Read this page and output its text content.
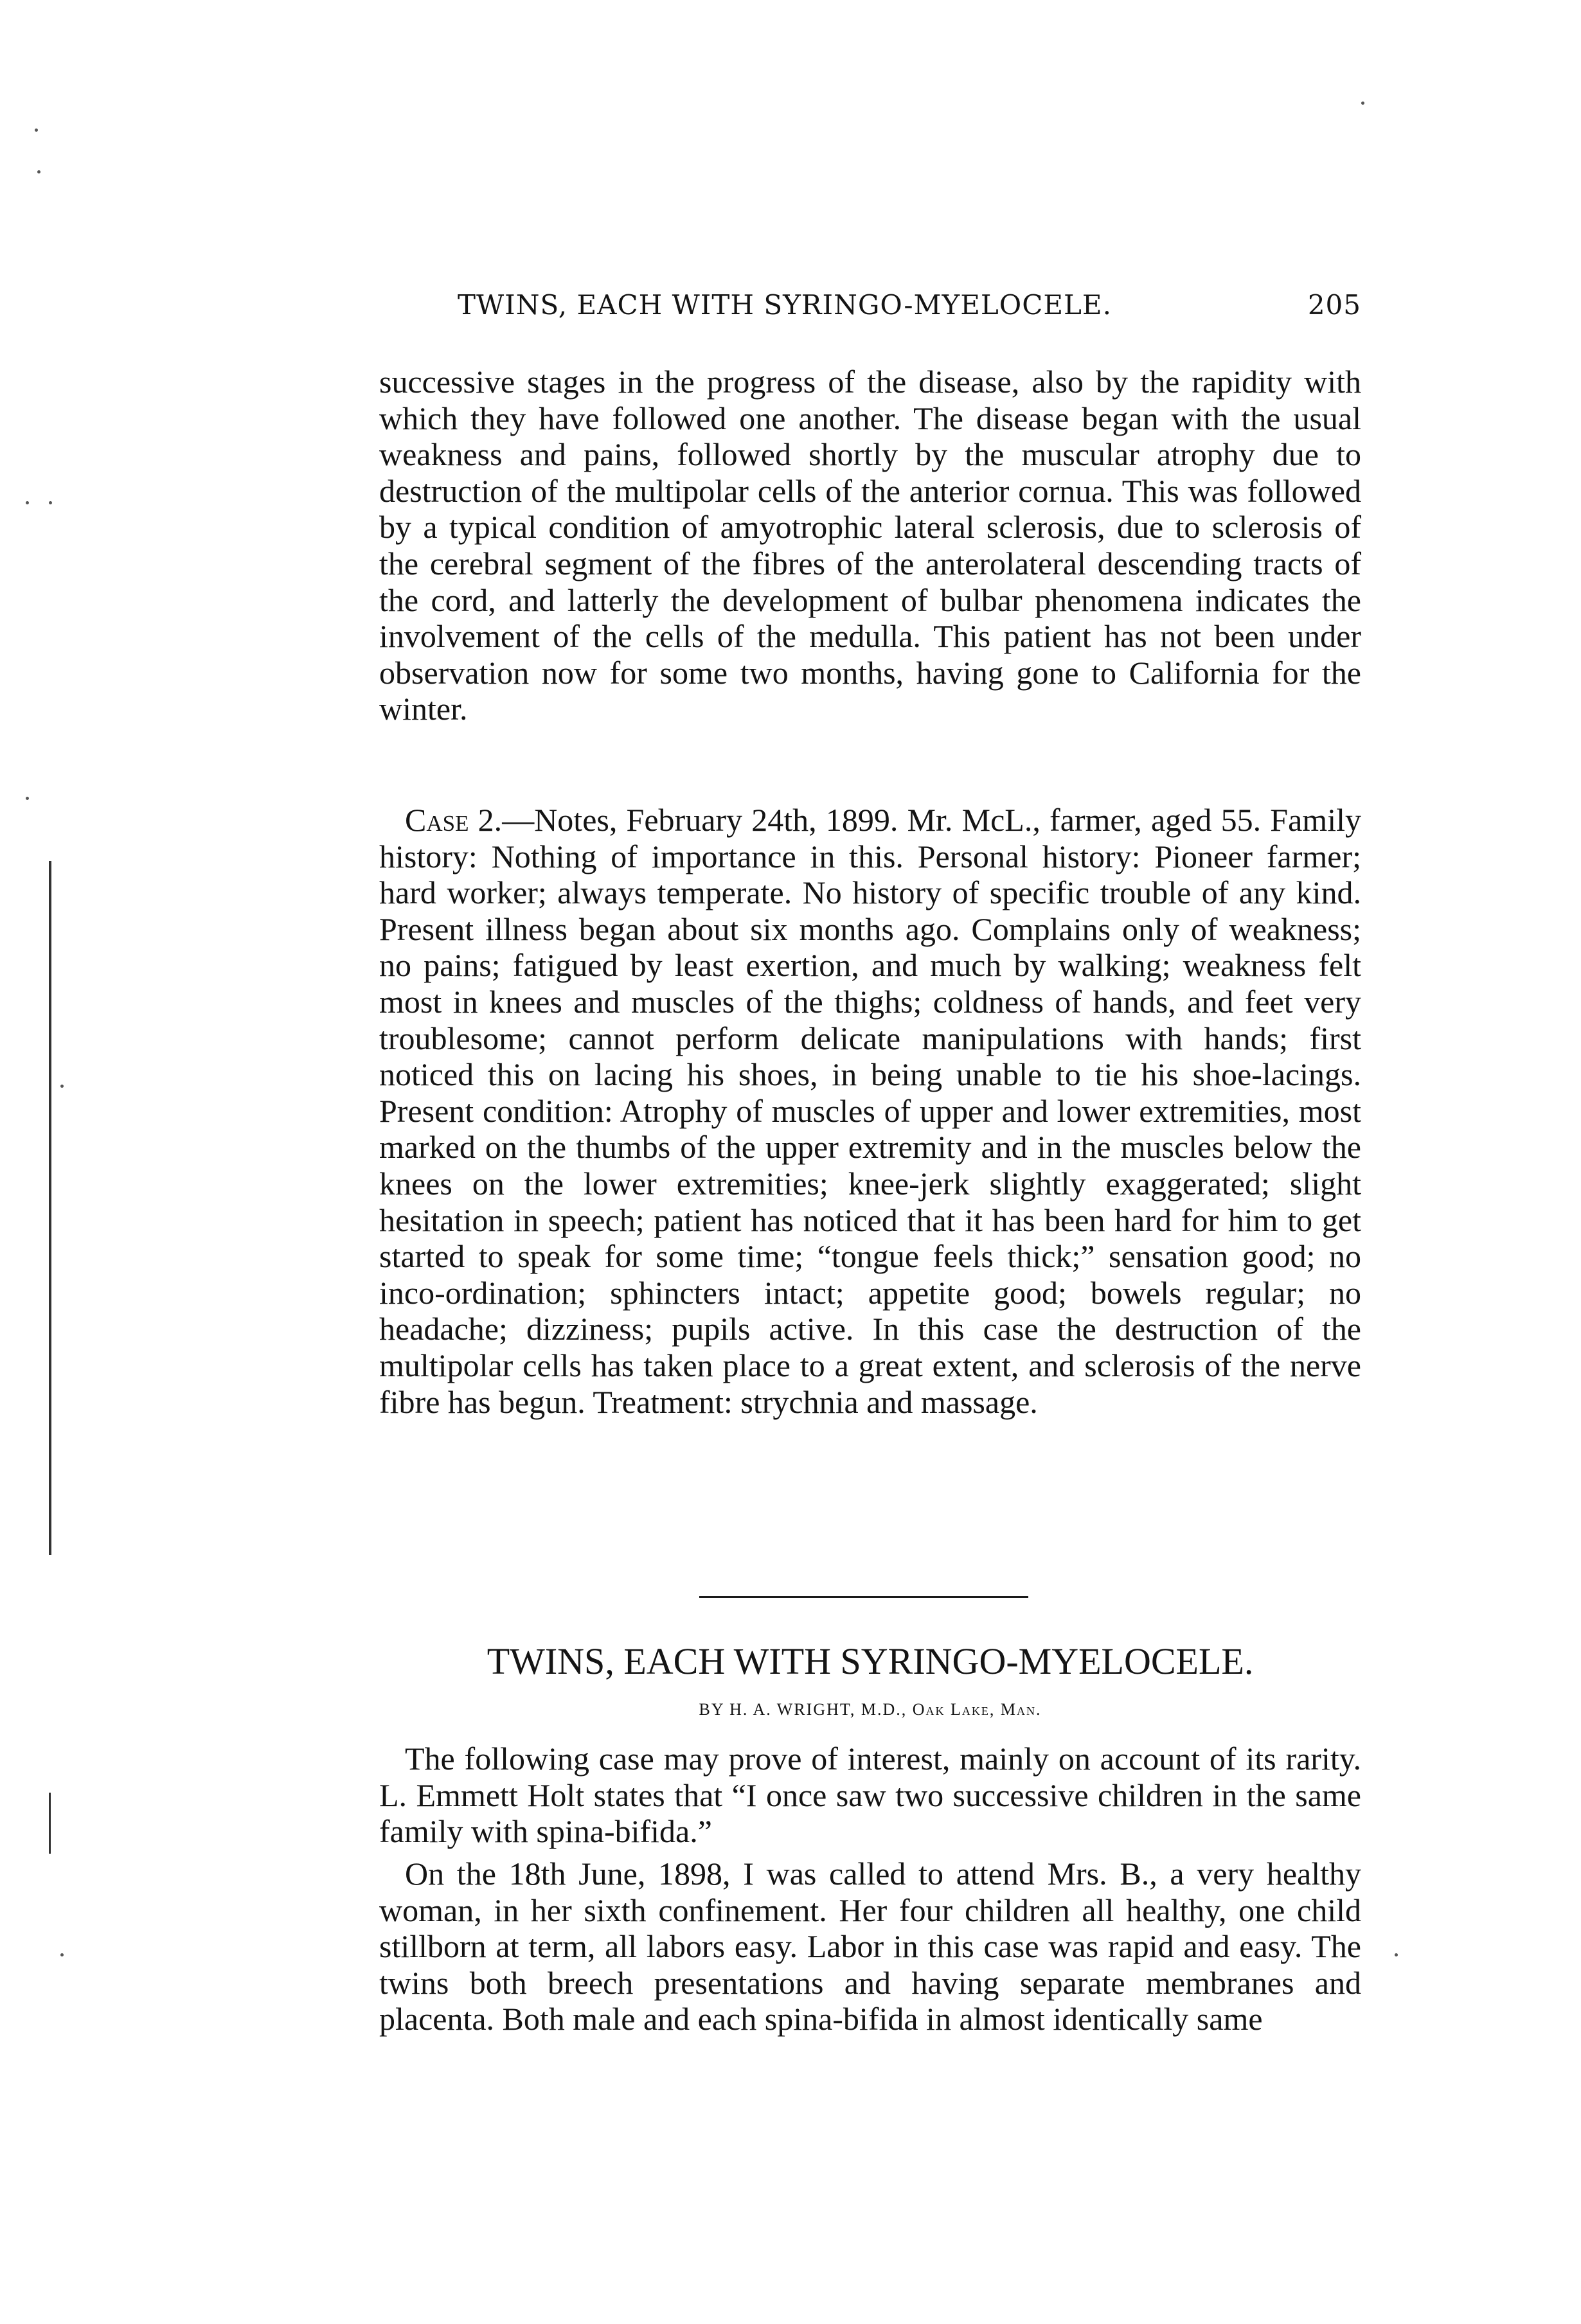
TWINS, EACH WITH SYRINGO-MYELOCELE.	205

successive stages in the progress of the disease, also by the rapidity with which they have followed one another. The disease began with the usual weakness and pains, followed shortly by the muscular atrophy due to destruction of the multipolar cells of the anterior cornua. This was followed by a typical condition of amyotrophic lateral sclerosis, due to sclerosis of the cerebral segment of the fibres of the anterolateral descending tracts of the cord, and latterly the development of bulbar phenomena indicates the involvement of the cells of the medulla. This patient has not been under observation now for some two months, having gone to California for the winter.

Case 2.—Notes, February 24th, 1899. Mr. McL., farmer, aged 55. Family history: Nothing of importance in this. Personal history: Pioneer farmer; hard worker; always temperate. No history of specific trouble of any kind. Present illness began about six months ago. Complains only of weakness; no pains; fatigued by least exertion, and much by walking; weakness felt most in knees and muscles of the thighs; coldness of hands, and feet very troublesome; cannot perform delicate manipulations with hands; first noticed this on lacing his shoes, in being unable to tie his shoe-lacings. Present condition: Atrophy of muscles of upper and lower extremities, most marked on the thumbs of the upper extremity and in the muscles below the knees on the lower extremities; knee-jerk slightly exaggerated; slight hesitation in speech; patient has noticed that it has been hard for him to get started to speak for some time; “tongue feels thick;” sensation good; no inco-ordination; sphincters intact; appetite good; bowels regular; no headache; dizziness; pupils active. In this case the destruction of the multipolar cells has taken place to a great extent, and sclerosis of the nerve fibre has begun. Treatment: strychnia and massage.

TWINS, EACH WITH SYRINGO-MYELOCELE.
BY H. A. WRIGHT, M.D., Oak Lake, Man.

The following case may prove of interest, mainly on account of its rarity. L. Emmett Holt states that “I once saw two successive children in the same family with spina-bifida.”

On the 18th June, 1898, I was called to attend Mrs. B., a very healthy woman, in her sixth confinement. Her four children all healthy, one child stillborn at term, all labors easy. Labor in this case was rapid and easy. The twins both breech presentations and having separate membranes and placenta. Both male and each spina-bifida in almost identically same
